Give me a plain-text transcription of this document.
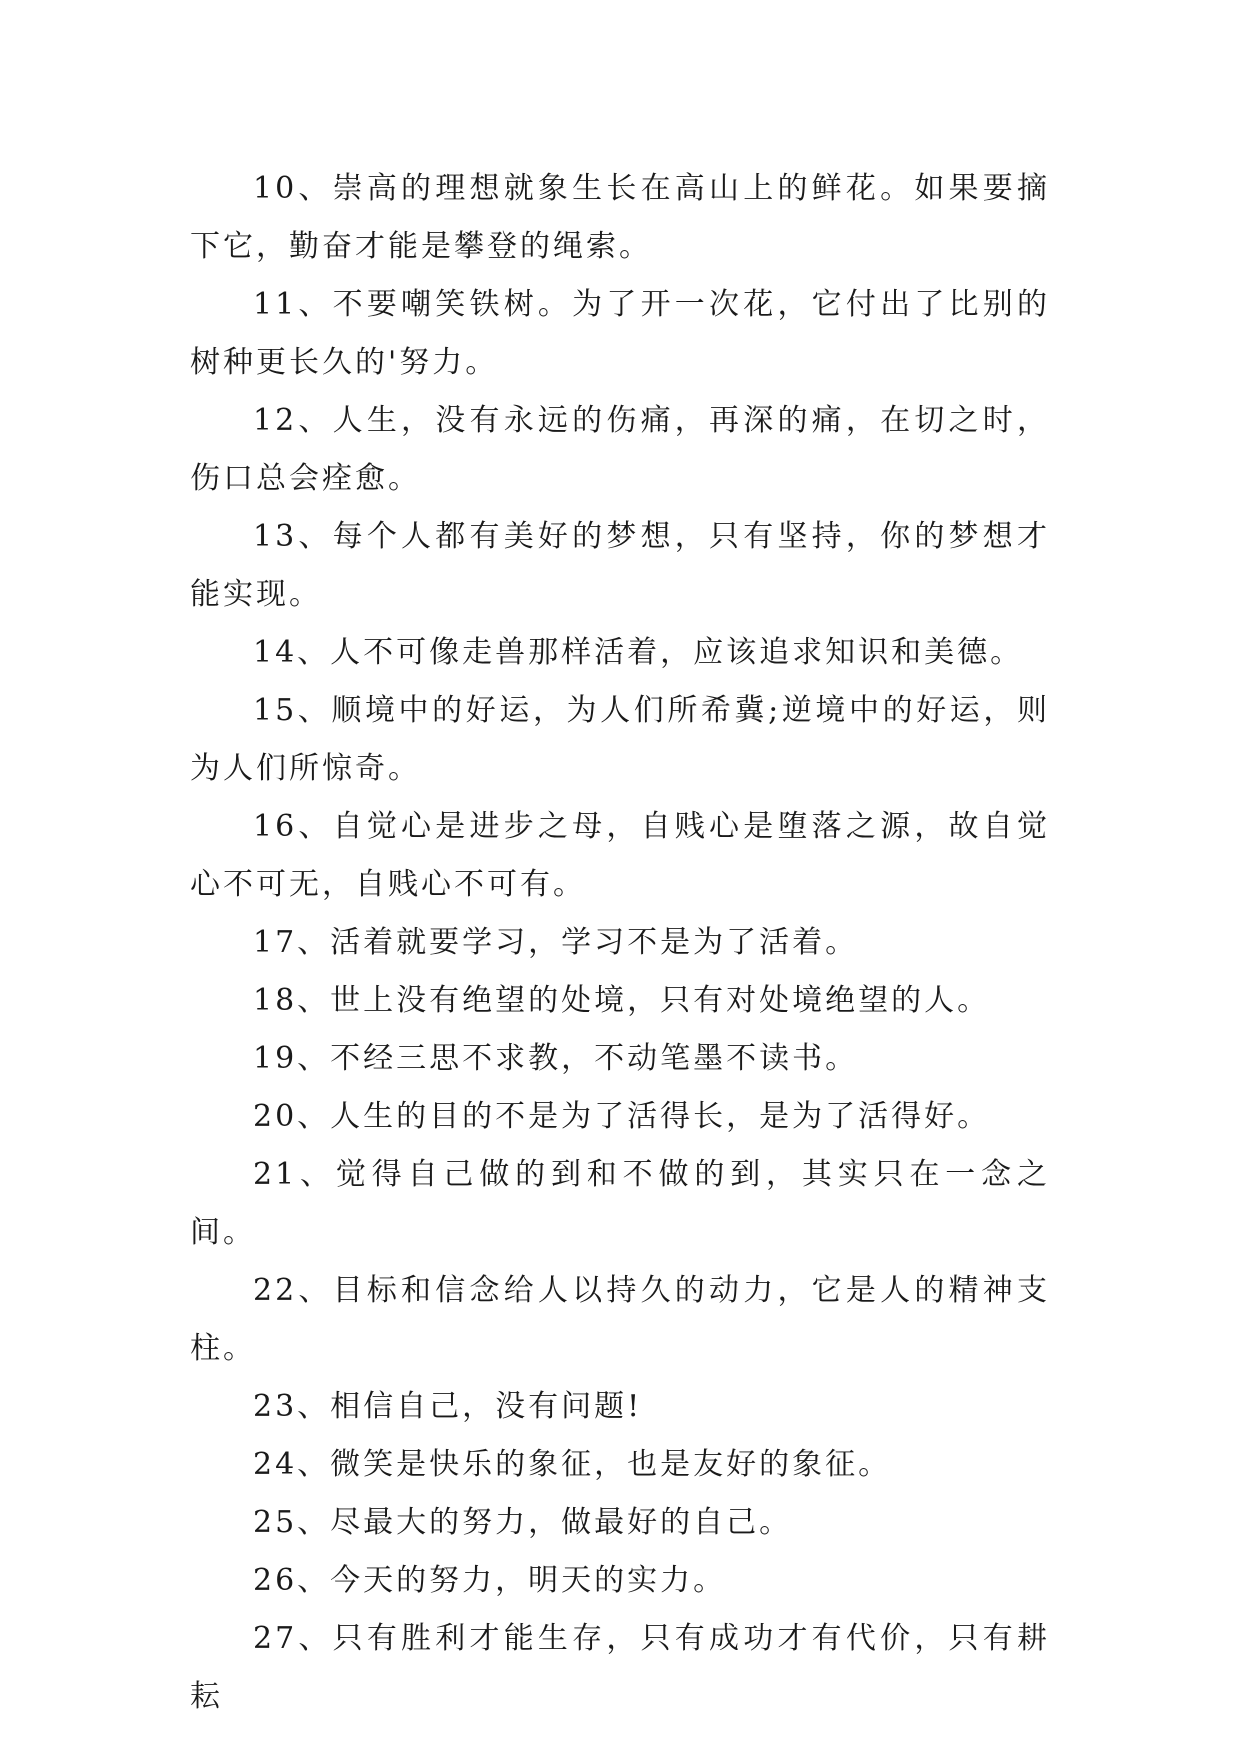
10、崇高的理想就象生长在高山上的鲜花。如果要摘下它，勤奋才能是攀登的绳索。

11、不要嘲笑铁树。为了开一次花，它付出了比别的树种更长久的'努力。

12、人生，没有永远的伤痛，再深的痛，在切之时，伤口总会痊愈。

13、每个人都有美好的梦想，只有坚持，你的梦想才能实现。

14、人不可像走兽那样活着，应该追求知识和美德。

15、顺境中的好运，为人们所希冀;逆境中的好运，则为人们所惊奇。

16、自觉心是进步之母，自贱心是堕落之源，故自觉心不可无，自贱心不可有。

17、活着就要学习，学习不是为了活着。

18、世上没有绝望的处境，只有对处境绝望的人。

19、不经三思不求教，不动笔墨不读书。

20、人生的目的不是为了活得长，是为了活得好。

21、觉得自己做的到和不做的到，其实只在一念之间。

22、目标和信念给人以持久的动力，它是人的精神支柱。

23、相信自己，没有问题!

24、微笑是快乐的象征，也是友好的象征。

25、尽最大的努力，做最好的自己。

26、今天的努力，明天的实力。

27、只有胜利才能生存，只有成功才有代价，只有耕耘
